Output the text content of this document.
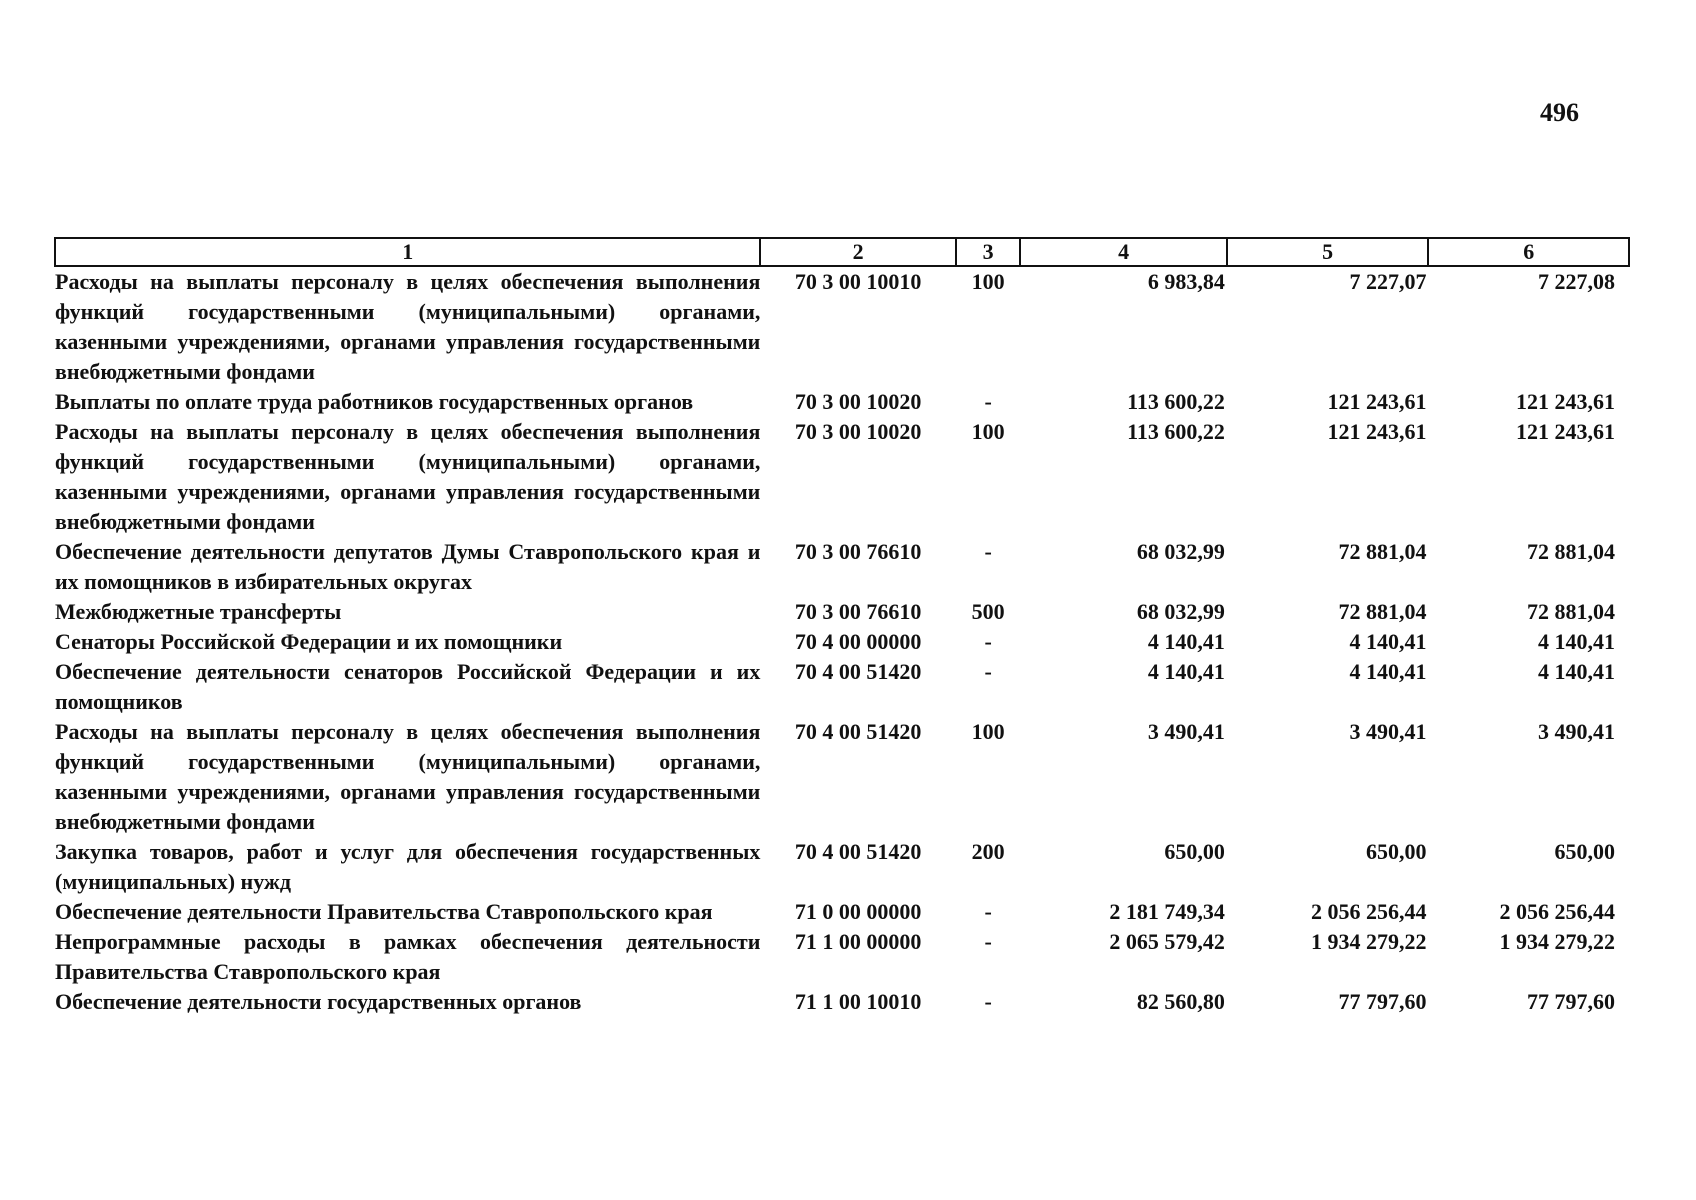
496
1	2	3	4	5	6
Расходы на выплаты персоналу в целях обеспечения выполнения функций государственными (муниципальными) органами, казенными учреждениями, органами управления государственными внебюджетными фондами	70 3 00 10010	100	6 983,84	7 227,07	7 227,08
Выплаты по оплате труда работников государственных органов	70 3 00 10020	-	113 600,22	121 243,61	121 243,61
Расходы на выплаты персоналу в целях обеспечения выполнения функций государственными (муниципальными) органами, казенными учреждениями, органами управления государственными внебюджетными фондами	70 3 00 10020	100	113 600,22	121 243,61	121 243,61
Обеспечение деятельности депутатов Думы Ставропольского края и их помощников в избирательных округах	70 3 00 76610	-	68 032,99	72 881,04	72 881,04
Межбюджетные трансферты	70 3 00 76610	500	68 032,99	72 881,04	72 881,04
Сенаторы Российской Федерации и их помощники	70 4 00 00000	-	4 140,41	4 140,41	4 140,41
Обеспечение деятельности сенаторов Российской Федерации и их помощников	70 4 00 51420	-	4 140,41	4 140,41	4 140,41
Расходы на выплаты персоналу в целях обеспечения выполнения функций государственными (муниципальными) органами, казенными учреждениями, органами управления государственными внебюджетными фондами	70 4 00 51420	100	3 490,41	3 490,41	3 490,41
Закупка товаров, работ и услуг для обеспечения государственных (муниципальных) нужд	70 4 00 51420	200	650,00	650,00	650,00
Обеспечение деятельности Правительства Ставропольского края	71 0 00 00000	-	2 181 749,34	2 056 256,44	2 056 256,44
Непрограммные расходы в рамках обеспечения деятельности Правительства Ставропольского края	71 1 00 00000	-	2 065 579,42	1 934 279,22	1 934 279,22
Обеспечение деятельности государственных органов	71 1 00 10010	-	82 560,80	77 797,60	77 797,60
